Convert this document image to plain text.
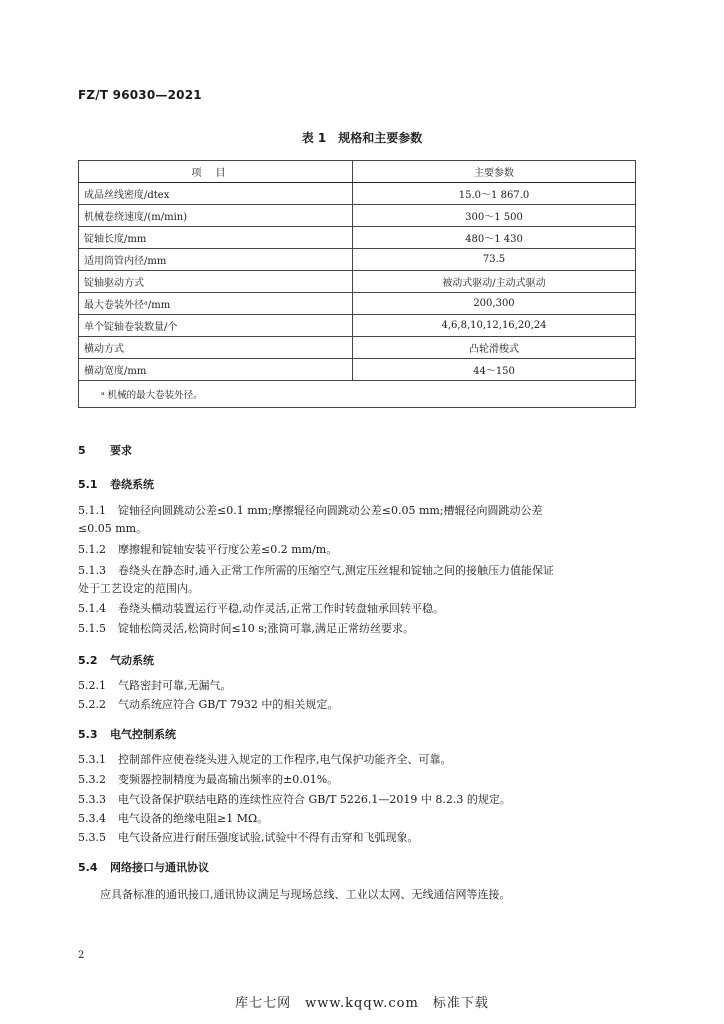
FZ/T 96030—2021
表 1　规格和主要参数
项目	主要参数
成品丝线密度/dtex	15.0～1 867.0
机械卷绕速度/(m/min)	300～1 500
锭轴长度/mm	480～1 430
适用筒管内径/mm	73.5
锭轴驱动方式	被动式驱动/主动式驱动
最大卷装外径ᵃ/mm	200,300
单个锭轴卷装数量/个	4,6,8,10,12,16,20,24
横动方式	凸轮滑梭式
横动宽度/mm	44～150
ᵃ 机械的最大卷装外径。	
5 要求
5.1 卷绕系统
5.1.1 锭轴径向圆跳动公差≤0.1 mm;摩擦辊径向圆跳动公差≤0.05 mm;槽辊径向圆跳动公差
≤0.05 mm。
5.1.2 摩擦辊和锭轴安装平行度公差≤0.2 mm/m。
5.1.3 卷绕头在静态时,通入正常工作所需的压缩空气,测定压丝辊和锭轴之间的接触压力值能保证
处于工艺设定的范围内。
5.1.4 卷绕头横动装置运行平稳,动作灵活,正常工作时转盘轴承回转平稳。
5.1.5 锭轴松筒灵活,松筒时间≤10 s;涨筒可靠,满足正常纺丝要求。
5.2 气动系统
5.2.1 气路密封可靠,无漏气。
5.2.2 气动系统应符合 GB/T 7932 中的相关规定。
5.3 电气控制系统
5.3.1 控制部件应使卷绕头进入规定的工作程序,电气保护功能齐全、可靠。
5.3.2 变频器控制精度为最高输出频率的±0.01%。
5.3.3 电气设备保护联结电路的连续性应符合 GB/T 5226.1—2019 中 8.2.3 的规定。
5.3.4 电气设备的绝缘电阻≥1 MΩ。
5.3.5 电气设备应进行耐压强度试验,试验中不得有击穿和飞弧现象。
5.4 网络接口与通讯协议
应具备标准的通讯接口,通讯协议满足与现场总线、工业以太网、无线通信网等连接。
2
库七七网　www.kqqw.com　标准下载
